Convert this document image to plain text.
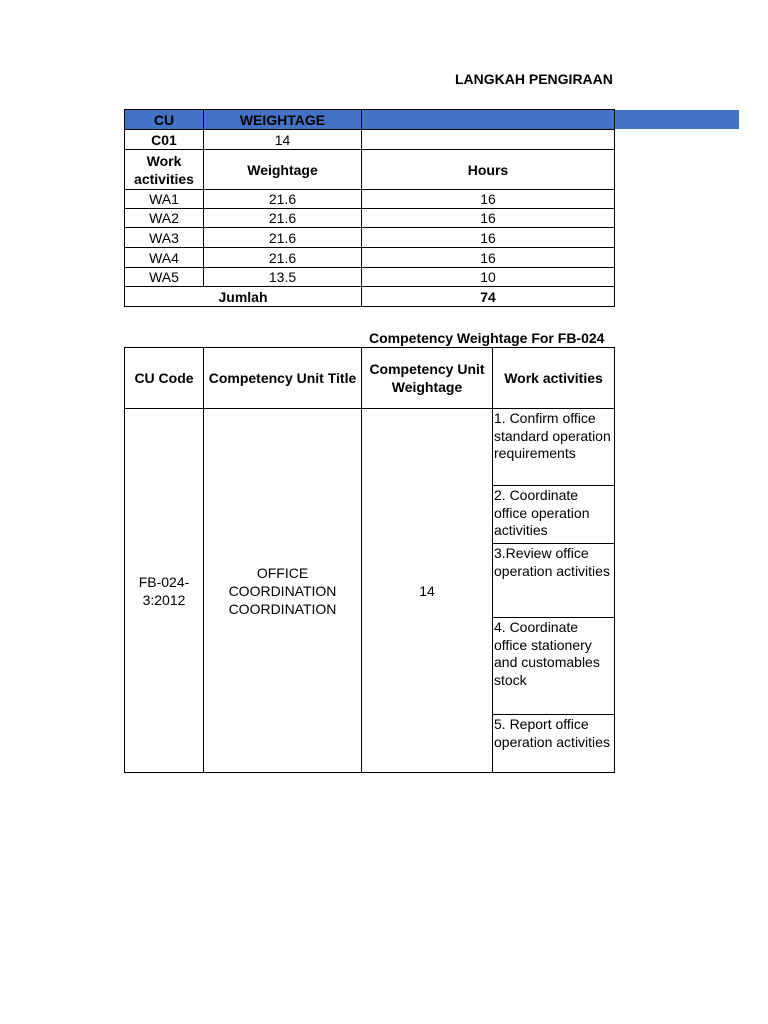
LANGKAH PENGIRAAN
CU	WEIGHTAGE	
C01	14	
Work activities	Weightage	Hours
WA1	21.6	16
WA2	21.6	16
WA3	21.6	16
WA4	21.6	16
WA5	13.5	10
Jumlah		74
Competency Weightage For FB-024
CU Code	Competency Unit Title	Competency Unit Weightage	Work activities
FB-024-3:2012	OFFICE COORDINATION COORDINATION	14	1. Confirm office standard operation requirements
			2. Coordinate office operation activities
			3.Review office operation activities
			4. Coordinate office stationery and customables stock
			5. Report office operation activities
